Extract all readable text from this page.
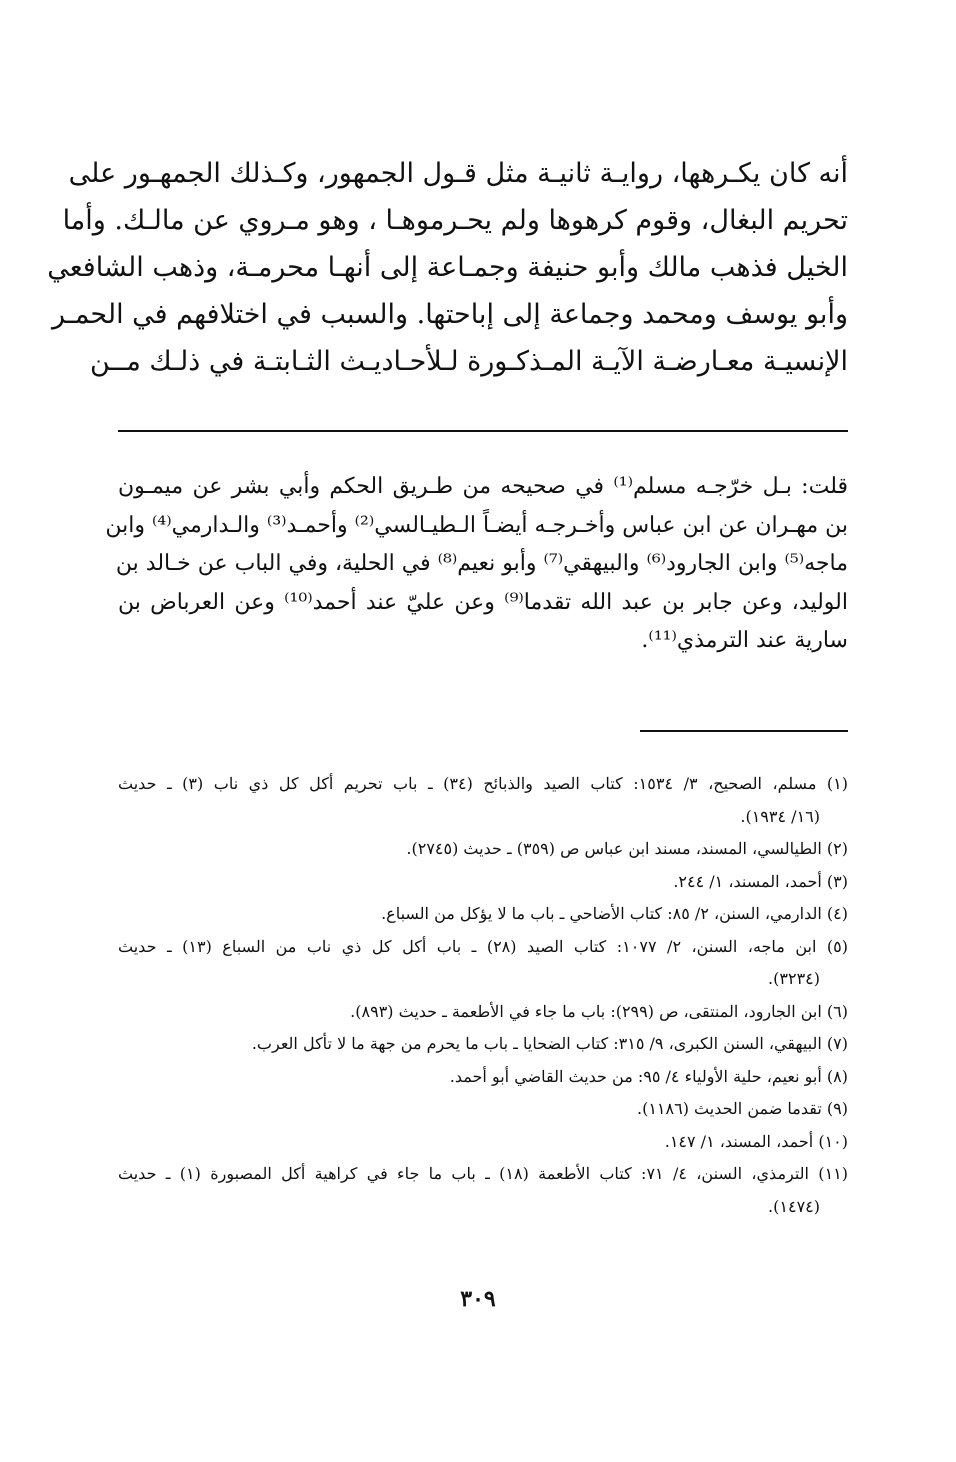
أنه كان يكـرهها، روايـة ثانيـة مثل قـول الجمهور، وكـذلك الجمهـور على
تحريم البغال، وقوم كرهوها ولم يحـرموهـا ، وهو مـروي عن مالـك. وأما
الخيل فذهب مالك وأبو حنيفة وجمـاعة إلى أنهـا محرمـة، وذهب الشافعي
وأبو يوسف ومحمد وجماعة إلى إباحتها. والسبب في اختلافهم في الحمـر
الإنسيـة معـارضـة الآيـة المـذكـورة لـلأحـاديـث الثـابتـة في ذلـك مــن
قلت: بـل خرّجـه مسلم⁽¹⁾ في صحيحه من طـريق الحكم وأبي بشر عن ميمـون
بن مهـران عن ابن عباس وأخـرجـه أيضـاً الـطيـالسي⁽²⁾ وأحمـد⁽³⁾ والـدارمي⁽⁴⁾ وابن
ماجه⁽⁵⁾ وابن الجارود⁽⁶⁾ والبيهقي⁽⁷⁾ وأبو نعيم⁽⁸⁾ في الحلية، وفي الباب عن خـالد بن
الوليد، وعن جابر بن عبد الله تقدما⁽⁹⁾ وعن عليّ عند أحمد⁽¹⁰⁾ وعن العرباض بن
سارية عند الترمذي⁽¹¹⁾.
(١) مسلم، الصحيح، ٣/ ١٥٣٤: كتاب الصيد والذبائح (٣٤) ـ باب تحريم أكل كل ذي ناب (٣) ـ حديث
(١٦/ ١٩٣٤).
(٢) الطيالسي، المسند، مسند ابن عباس ص (٣٥٩) ـ حديث (٢٧٤٥).
(٣) أحمد، المسند، ١/ ٢٤٤.
(٤) الدارمي، السنن، ٢/ ٨٥: كتاب الأضاحي ـ باب ما لا يؤكل من السباع.
(٥) ابن ماجه، السنن، ٢/ ١٠٧٧: كتاب الصيد (٢٨) ـ باب أكل كل ذي ناب من السباع (١٣) ـ حديث
(٣٢٣٤).
(٦) ابن الجارود، المنتقى، ص (٢٩٩): باب ما جاء في الأطعمة ـ حديث (٨٩٣).
(٧) البيهقي، السنن الكبرى، ٩/ ٣١٥: كتاب الضحايا ـ باب ما يحرم من جهة ما لا تأكل العرب.
(٨) أبو نعيم، حلية الأولياء ٤/ ٩٥: من حديث القاضي أبو أحمد.
(٩) تقدما ضمن الحديث (١١٨٦).
(١٠) أحمد، المسند، ١/ ١٤٧.
(١١) الترمذي، السنن، ٤/ ٧١: كتاب الأطعمة (١٨) ـ باب ما جاء في كراهية أكل المصبورة (١) ـ حديث
(١٤٧٤).
٣٠٩
